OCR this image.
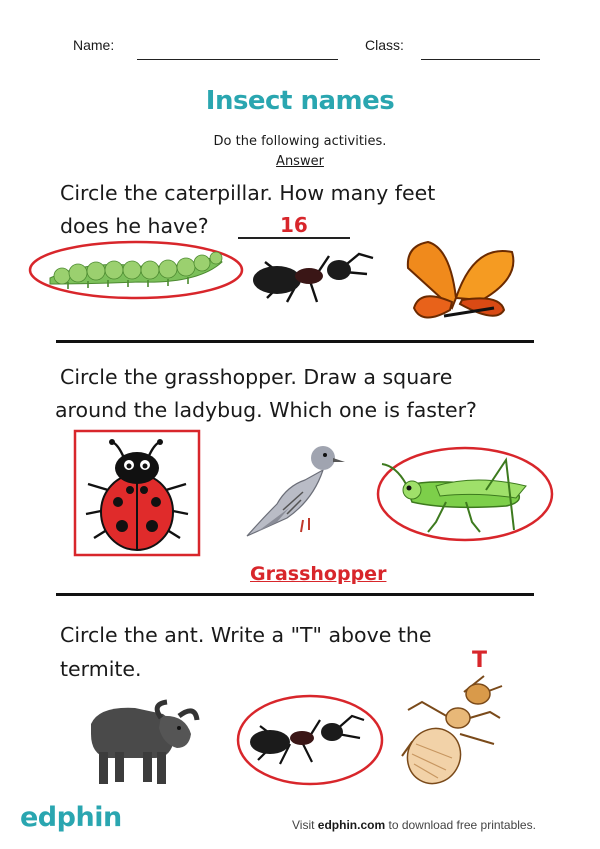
Name:	Class:
Insect names
Do the following activities.
Answer
Circle the caterpillar. How many feet
does he have?	16
Circle the grasshopper. Draw a square
around the ladybug. Which one is faster?
Grasshopper
Circle the ant. Write a "T" above the
termite.	T
edphin	Visit edphin.com to download free printables.
